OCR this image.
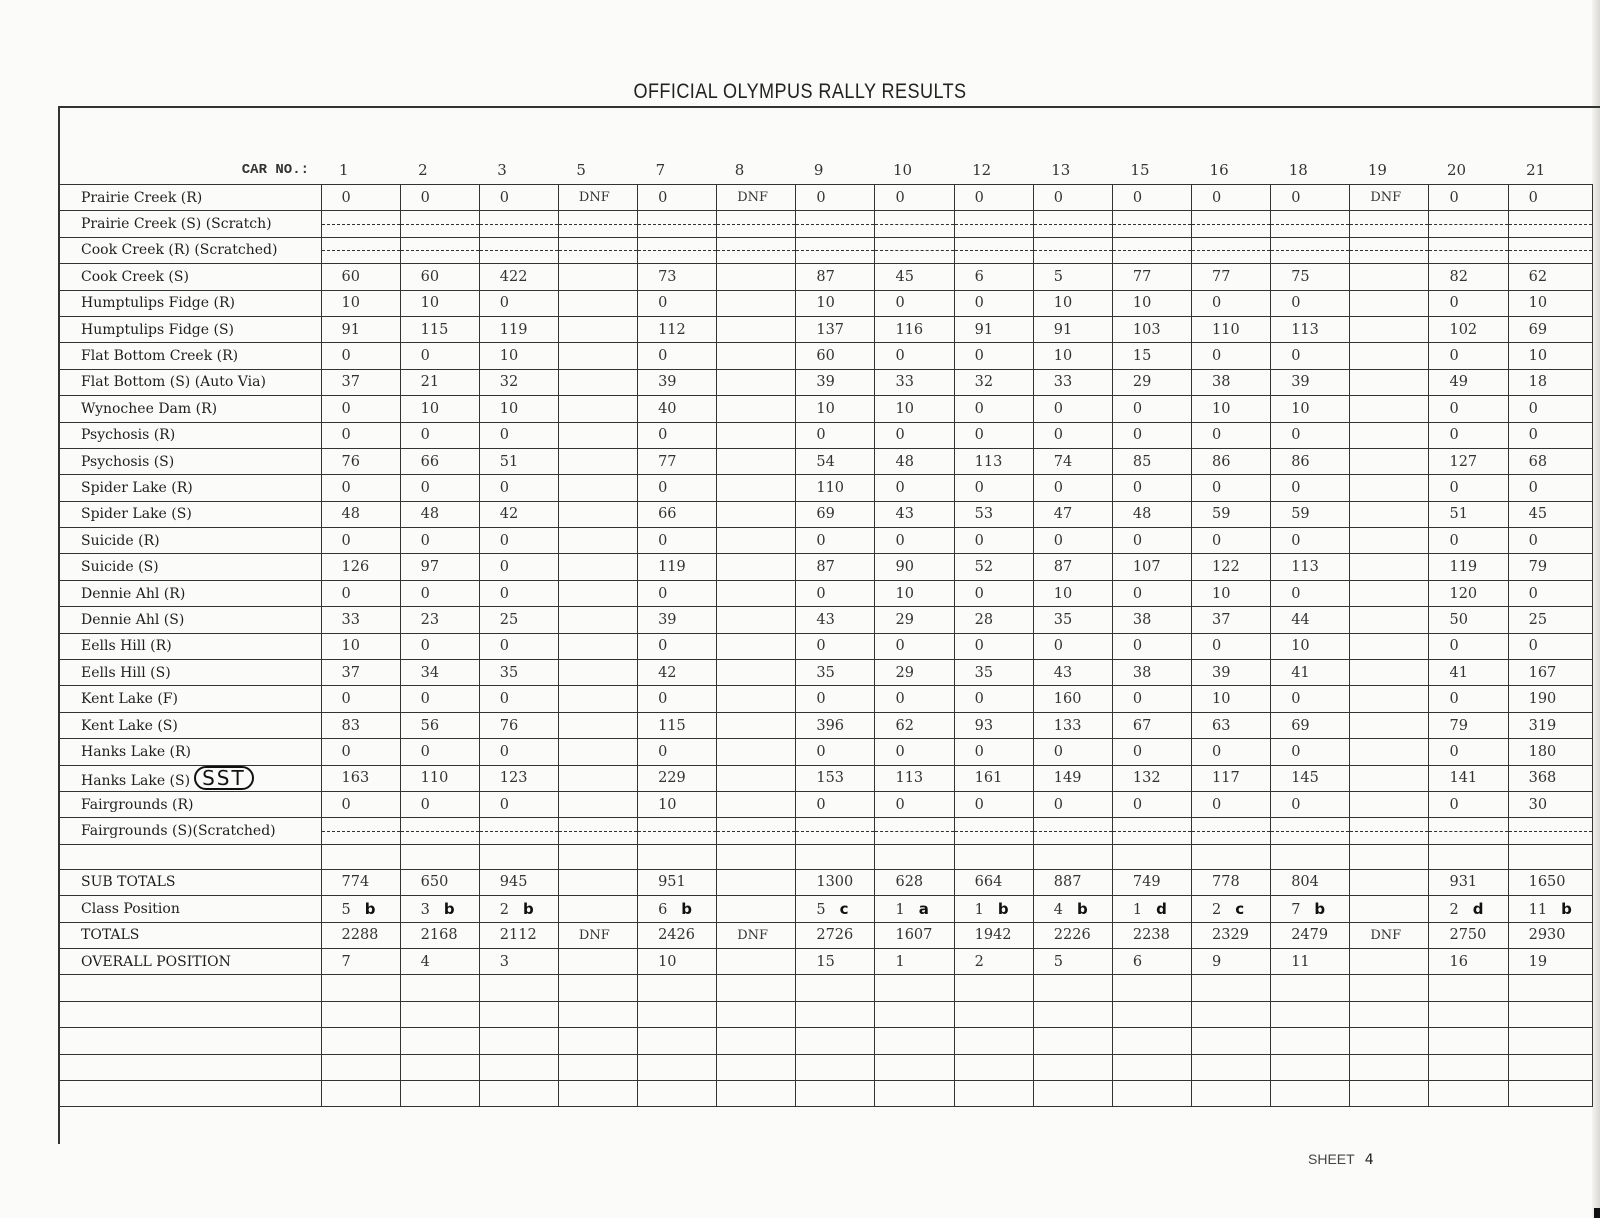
OFFICIAL OLYMPUS RALLY RESULTS
CAR NO.:	1	2	3	5	7	8	9	10	12	13	15	16	18	19	20	21
Prairie Creek (R)	0	0	0	DNF	0	DNF	0	0	0	0	0	0	0	DNF	0	0
Prairie Creek (S) (Scratch)																
Cook Creek (R) (Scratched)																
Cook Creek (S)	60	60	422		73		87	45	6	5	77	77	75		82	62
Humptulips Fidge (R)	10	10	0		0		10	0	0	10	10	0	0		0	10
Humptulips Fidge (S)	91	115	119		112		137	116	91	91	103	110	113		102	69
Flat Bottom Creek (R)	0	0	10		0		60	0	0	10	15	0	0		0	10
Flat Bottom (S) (Auto Via)	37	21	32		39		39	33	32	33	29	38	39		49	18
Wynochee Dam (R)	0	10	10		40		10	10	0	0	0	10	10		0	0
Psychosis (R)	0	0	0		0		0	0	0	0	0	0	0		0	0
Psychosis (S)	76	66	51		77		54	48	113	74	85	86	86		127	68
Spider Lake (R)	0	0	0		0		110	0	0	0	0	0	0		0	0
Spider Lake (S)	48	48	42		66		69	43	53	47	48	59	59		51	45
Suicide (R)	0	0	0		0		0	0	0	0	0	0	0		0	0
Suicide (S)	126	97	0		119		87	90	52	87	107	122	113		119	79
Dennie Ahl (R)	0	0	0		0		0	10	0	10	0	10	0		120	0
Dennie Ahl (S)	33	23	25		39		43	29	28	35	38	37	44		50	25
Eells Hill (R)	10	0	0		0		0	0	0	0	0	0	10		0	0
Eells Hill (S)	37	34	35		42		35	29	35	43	38	39	41		41	167
Kent Lake (F)	0	0	0		0		0	0	0	160	0	10	0		0	190
Kent Lake (S)	83	56	76		115		396	62	93	133	67	63	69		79	319
Hanks Lake (R)	0	0	0		0		0	0	0	0	0	0	0		0	180
Hanks Lake (S) SST	163	110	123		229		153	113	161	149	132	117	145		141	368
Fairgrounds (R)	0	0	0		10		0	0	0	0	0	0	0		0	30
Fairgrounds (S)(Scratched)																

SUB TOTALS	774	650	945		951		1300	628	664	887	749	778	804		931	1650
Class Position	5 b	3 b	2 b		6 b		5 c	1 a	1 b	4 b	1 d	2 c	7 b		2 d	11 b
TOTALS	2288	2168	2112	DNF	2426	DNF	2726	1607	1942	2226	2238	2329	2479	DNF	2750	2930
OVERALL POSITION	7	4	3		10		15	1	2	5	6	9	11		16	19

SHEET 4
